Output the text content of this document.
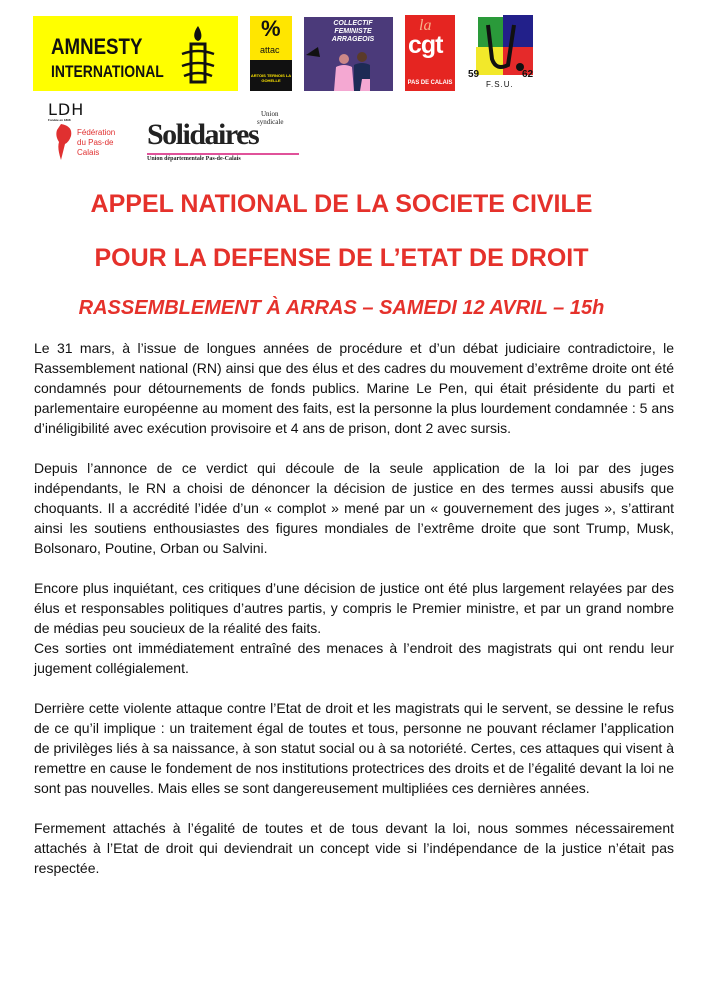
AMNESTY
INTERNATIONAL
%
attac
ARTOIS TERNOIS LA GOHELLE
COLLECTIF FEMINISTE ARRAGEOIS
la
cgt
PAS DE CALAIS
59	62
F.S.U.
LDH
Fondée en 1898
Fédération
du Pas-de
Calais
Union
syndicale
Solidaires
Union départementale Pas-de-Calais
APPEL NATIONAL DE LA SOCIETE CIVILE
POUR LA DEFENSE DE L’ETAT DE DROIT
RASSEMBLEMENT À ARRAS – SAMEDI 12 AVRIL – 15h

Le 31 mars, à l’issue de longues années de procédure et d’un débat judiciaire contradictoire, le Rassemblement national (RN) ainsi que des élus et des cadres du mouvement d’extrême droite ont été condamnés pour détournements de fonds publics. Marine Le Pen, qui était présidente du parti et parlementaire européenne au moment des faits, est la personne la plus lourdement condamnée : 5 ans d’inéligibilité avec exécution provisoire et 4 ans de prison, dont 2 avec sursis.

Depuis l’annonce de ce verdict qui découle de la seule application de la loi par des juges indépendants, le RN a choisi de dénoncer la décision de justice en des termes aussi abusifs que choquants. Il a accrédité l’idée d’un « complot » mené par un « gouvernement des juges », s’attirant ainsi les soutiens enthousiastes des figures mondiales de l’extrême droite que sont Trump, Musk, Bolsonaro, Poutine, Orban ou Salvini.

Encore plus inquiétant, ces critiques d’une décision de justice ont été plus largement relayées par des élus et responsables politiques d’autres partis, y compris le Premier ministre, et par un grand nombre de médias peu soucieux de la réalité des faits.

Ces sorties ont immédiatement entraîné des menaces à l’endroit des magistrats qui ont rendu leur jugement collégialement.

Derrière cette violente attaque contre l’Etat de droit et les magistrats qui le servent, se dessine le refus de ce qu’il implique : un traitement égal de toutes et tous, personne ne pouvant réclamer l’application de privilèges liés à sa naissance, à son statut social ou à sa notoriété. Certes, ces attaques qui visent à remettre en cause le fondement de nos institutions protectrices des droits et de l’égalité devant la loi ne sont pas nouvelles. Mais elles se sont dangereusement multipliées ces dernières années.

Fermement attachés à l’égalité de toutes et de tous devant la loi, nous sommes nécessairement attachés à l’Etat de droit qui deviendrait un concept vide si l’indépendance de la justice n’était pas respectée.
